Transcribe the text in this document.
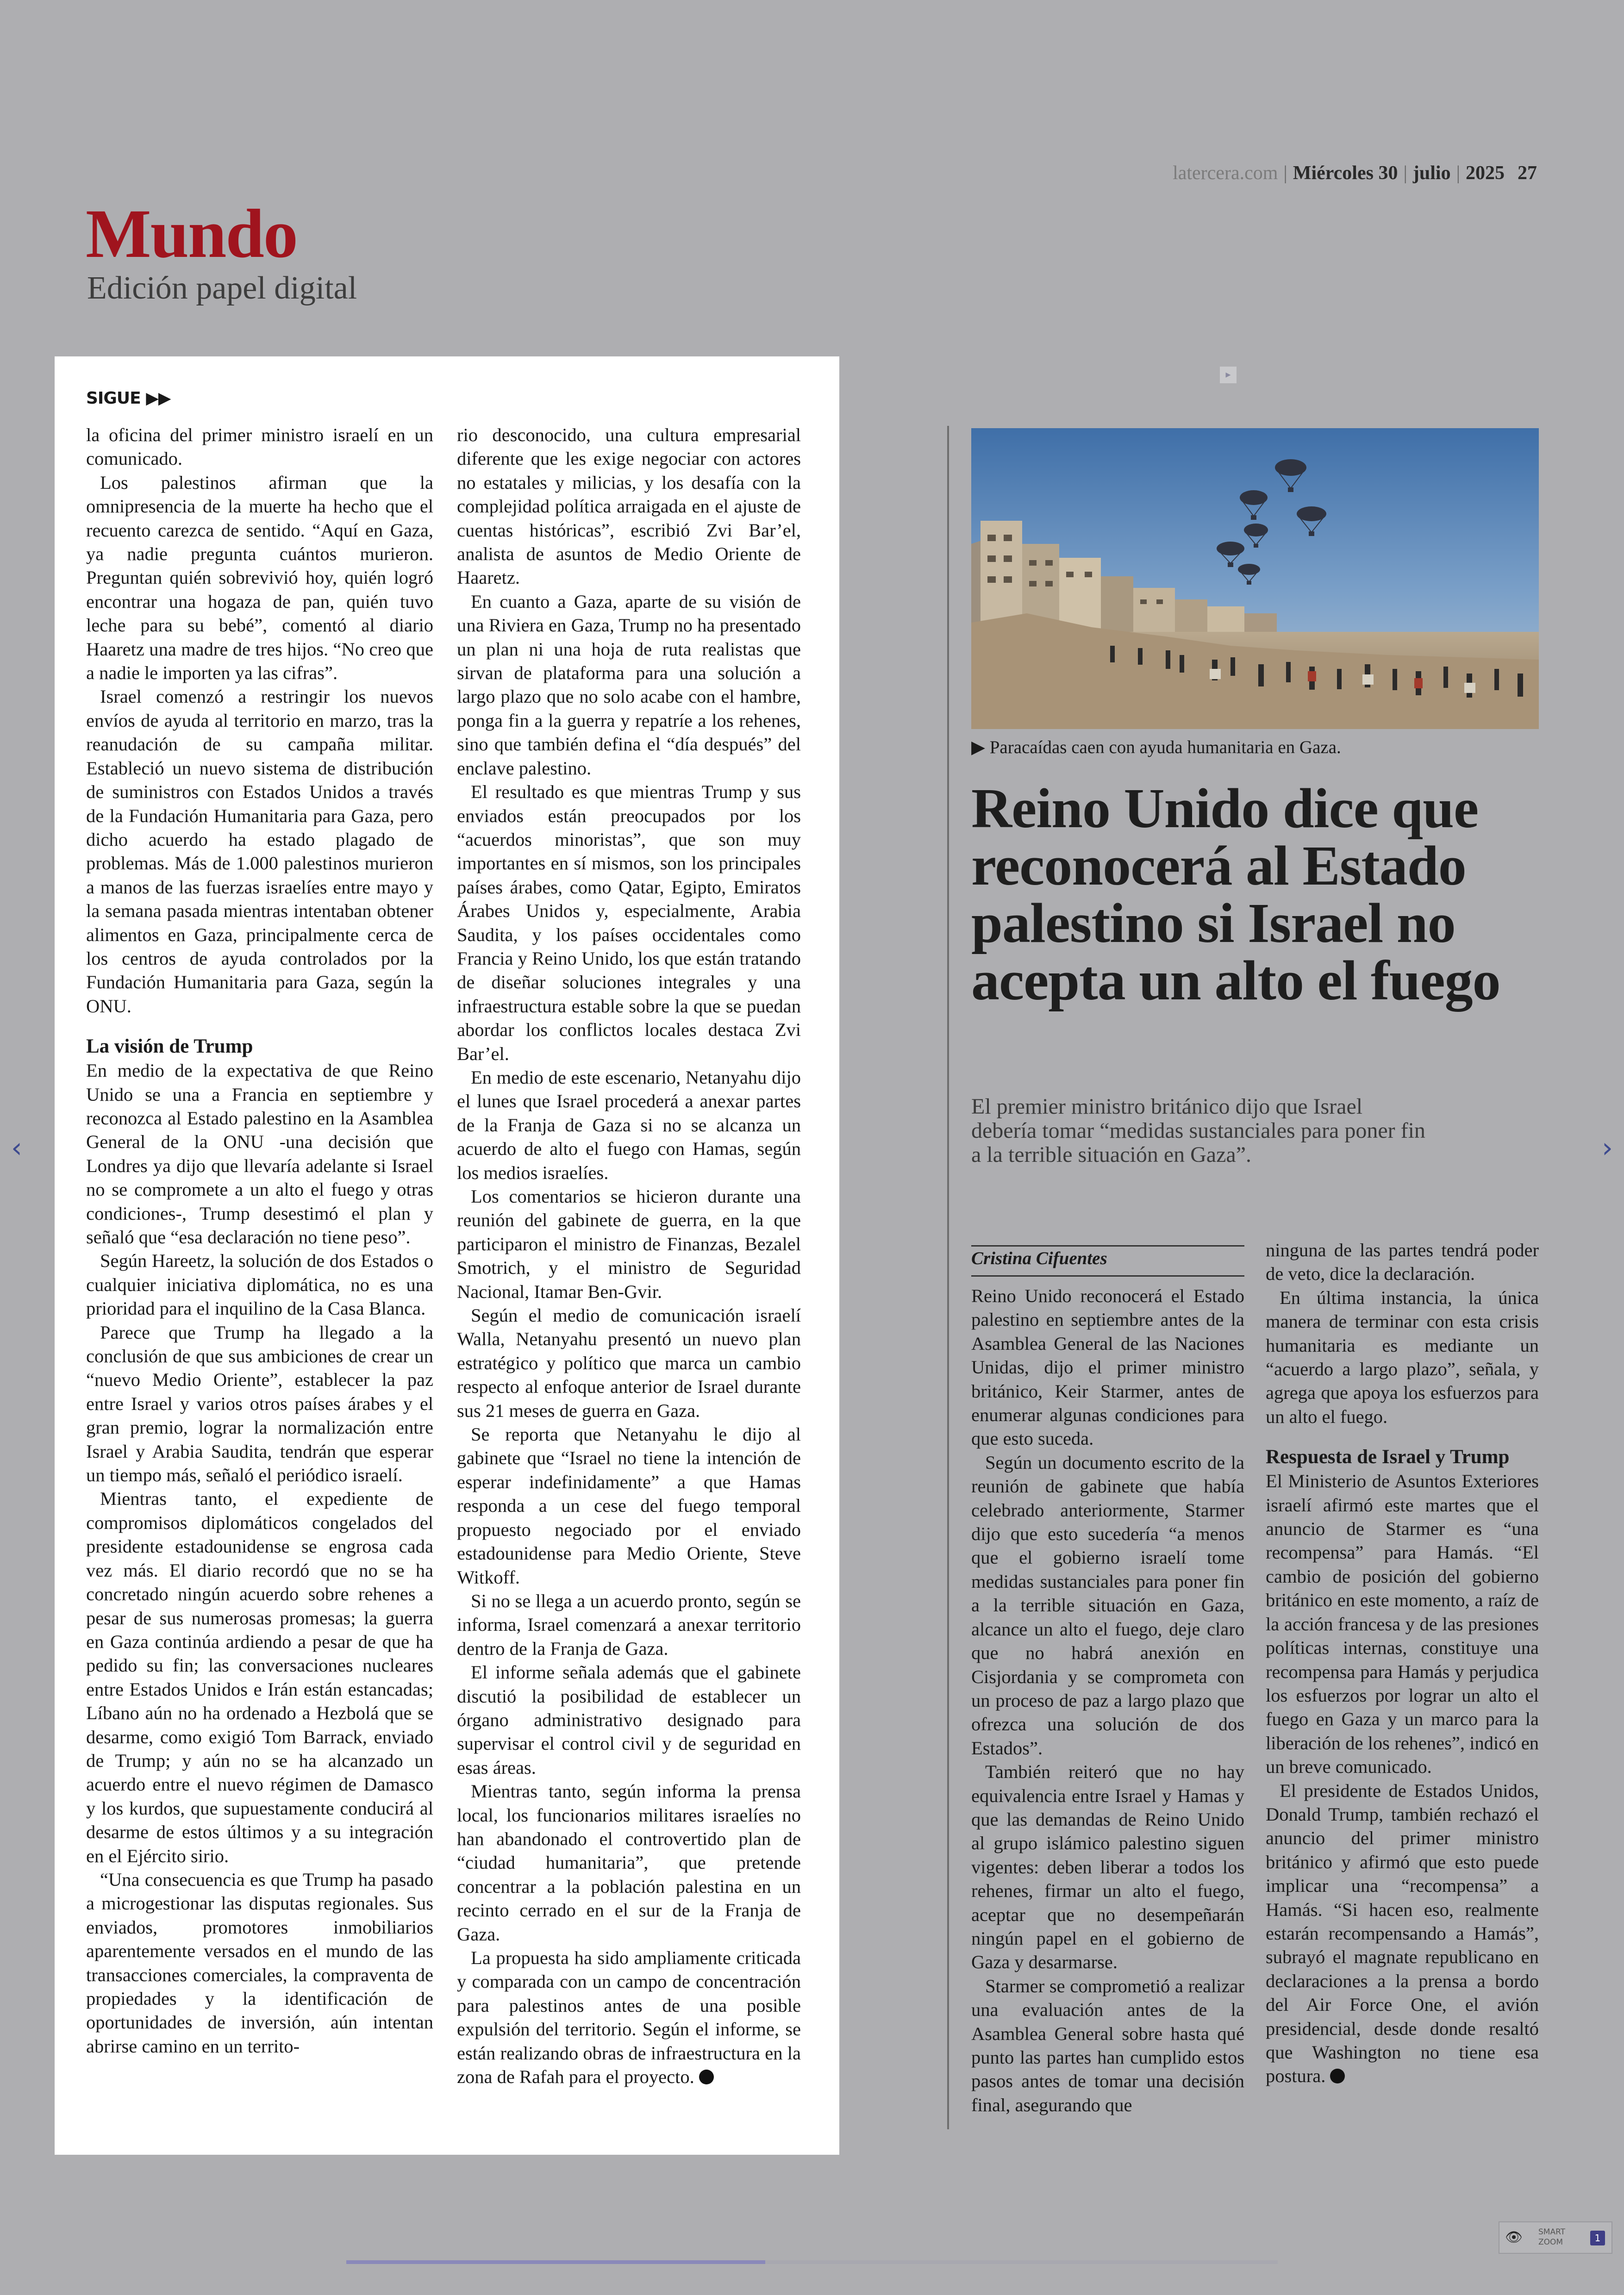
latercera.com | Miércoles 30 | julio | 2025 27
Mundo
Edición papel digital
SIGUE ▶▶

la oficina del primer ministro israelí en un comunicado.

Los palestinos afirman que la omnipresencia de la muerte ha hecho que el recuento carezca de sentido. “Aquí en Gaza, ya nadie pregunta cuántos murieron. Preguntan quién sobrevivió hoy, quién logró encontrar una hogaza de pan, quién tuvo leche para su bebé”, comentó al diario Haaretz una madre de tres hijos. “No creo que a nadie le importen ya las cifras”.

Israel comenzó a restringir los nuevos envíos de ayuda al territorio en marzo, tras la reanudación de su campaña militar. Estableció un nuevo sistema de distribución de suministros con Estados Unidos a través de la Fundación Humanitaria para Gaza, pero dicho acuerdo ha estado plagado de problemas. Más de 1.000 palestinos murieron a manos de las fuerzas israelíes entre mayo y la semana pasada mientras intentaban obtener alimentos en Gaza, principalmente cerca de los centros de ayuda controlados por la Fundación Humanitaria para Gaza, según la ONU.

La visión de Trump

En medio de la expectativa de que Reino Unido se una a Francia en septiembre y reconozca al Estado palestino en la Asamblea General de la ONU -una decisión que Londres ya dijo que llevaría adelante si Israel no se compromete a un alto el fuego y otras condiciones-, Trump desestimó el plan y señaló que “esa declaración no tiene peso”.

Según Hareetz, la solución de dos Estados o cualquier iniciativa diplomática, no es una prioridad para el inquilino de la Casa Blanca.

Parece que Trump ha llegado a la conclusión de que sus ambiciones de crear un “nuevo Medio Oriente”, establecer la paz entre Israel y varios otros países árabes y el gran premio, lograr la normalización entre Israel y Arabia Saudita, tendrán que esperar un tiempo más, señaló el periódico israelí.

Mientras tanto, el expediente de compromisos diplomáticos congelados del presidente estadounidense se engrosa cada vez más. El diario recordó que no se ha concretado ningún acuerdo sobre rehenes a pesar de sus numerosas promesas; la guerra en Gaza continúa ardiendo a pesar de que ha pedido su fin; las conversaciones nucleares entre Estados Unidos e Irán están estancadas; Líbano aún no ha ordenado a Hezbolá que se desarme, como exigió Tom Barrack, enviado de Trump; y aún no se ha alcanzado un acuerdo entre el nuevo régimen de Damasco y los kurdos, que supuestamente conducirá al desarme de estos últimos y a su integración en el Ejército sirio.

“Una consecuencia es que Trump ha pasado a microgestionar las disputas regionales. Sus enviados, promotores inmobiliarios aparentemente versados en el mundo de las transacciones comerciales, la compraventa de propiedades y la identificación de oportunidades de inversión, aún intentan abrirse camino en un territo-

rio desconocido, una cultura empresarial diferente que les exige negociar con actores no estatales y milicias, y los desafía con la complejidad política arraigada en el ajuste de cuentas históricas”, escribió Zvi Bar’el, analista de asuntos de Medio Oriente de Haaretz.

En cuanto a Gaza, aparte de su visión de una Riviera en Gaza, Trump no ha presentado un plan ni una hoja de ruta realistas que sirvan de plataforma para una solución a largo plazo que no solo acabe con el hambre, ponga fin a la guerra y repatríe a los rehenes, sino que también defina el “día después” del enclave palestino.

El resultado es que mientras Trump y sus enviados están preocupados por los “acuerdos minoristas”, que son muy importantes en sí mismos, son los principales países árabes, como Qatar, Egipto, Emiratos Árabes Unidos y, especialmente, Arabia Saudita, y los países occidentales como Francia y Reino Unido, los que están tratando de diseñar soluciones integrales y una infraestructura estable sobre la que se puedan abordar los conflictos locales destaca Zvi Bar’el.

En medio de este escenario, Netanyahu dijo el lunes que Israel procederá a anexar partes de la Franja de Gaza si no se alcanza un acuerdo de alto el fuego con Hamas, según los medios israelíes.

Los comentarios se hicieron durante una reunión del gabinete de guerra, en la que participaron el ministro de Finanzas, Bezalel Smotrich, y el ministro de Seguridad Nacional, Itamar Ben-Gvir.

Según el medio de comunicación israelí Walla, Netanyahu presentó un nuevo plan estratégico y político que marca un cambio respecto al enfoque anterior de Israel durante sus 21 meses de guerra en Gaza.

Se reporta que Netanyahu le dijo al gabinete que “Israel no tiene la intención de esperar indefinidamente” a que Hamas responda a un cese del fuego temporal propuesto negociado por el enviado estadounidense para Medio Oriente, Steve Witkoff.

Si no se llega a un acuerdo pronto, según se informa, Israel comenzará a anexar territorio dentro de la Franja de Gaza.

El informe señala además que el gabinete discutió la posibilidad de establecer un órgano administrativo designado para supervisar el control civil y de seguridad en esas áreas.

Mientras tanto, según informa la prensa local, los funcionarios militares israelíes no han abandonado el controvertido plan de “ciudad humanitaria”, que pretende concentrar a la población palestina en un recinto cerrado en el sur de la Franja de Gaza.

La propuesta ha sido ampliamente criticada y comparada con un campo de concentración para palestinos antes de una posible expulsión del territorio. Según el informe, se están realizando obras de infraestructura en la zona de Rafah para el proyecto.

▸
▶ Paracaídas caen con ayuda humanitaria en Gaza.
Reino Unido dice que reconocerá al Estado palestino si Israel no acepta un alto el fuego

El premier ministro británico dijo que Israel debería tomar “medidas sustanciales para poner fin a la terrible situación en Gaza”.

Cristina Cifuentes

Reino Unido reconocerá el Estado palestino en septiembre antes de la Asamblea General de las Naciones Unidas, dijo el primer ministro británico, Keir Starmer, antes de enumerar algunas condiciones para que esto suceda.

Según un documento escrito de la reunión de gabinete que había celebrado anteriormente, Starmer dijo que esto sucedería “a menos que el gobierno israelí tome medidas sustanciales para poner fin a la terrible situación en Gaza, alcance un alto el fuego, deje claro que no habrá anexión en Cisjordania y se comprometa con un proceso de paz a largo plazo que ofrezca una solución de dos Estados”.

También reiteró que no hay equivalencia entre Israel y Hamas y que las demandas de Reino Unido al grupo islámico palestino siguen vigentes: deben liberar a todos los rehenes, firmar un alto el fuego, aceptar que no desempeñarán ningún papel en el gobierno de Gaza y desarmarse.

Starmer se comprometió a realizar una evaluación antes de la Asamblea General sobre hasta qué punto las partes han cumplido estos pasos antes de tomar una decisión final, asegurando que

ninguna de las partes tendrá poder de veto, dice la declaración.

En última instancia, la única manera de terminar con esta crisis humanitaria es mediante un “acuerdo a largo plazo”, señala, y agrega que apoya los esfuerzos para un alto el fuego.

Respuesta de Israel y Trump

El Ministerio de Asuntos Exteriores israelí afirmó este martes que el anuncio de Starmer es “una recompensa” para Hamás. “El cambio de posición del gobierno británico en este momento, a raíz de la acción francesa y de las presiones políticas internas, constituye una recompensa para Hamás y perjudica los esfuerzos por lograr un alto el fuego en Gaza y un marco para la liberación de los rehenes”, indicó en un breve comunicado.

El presidente de Estados Unidos, Donald Trump, también rechazó el anuncio del primer ministro británico y afirmó que esto puede implicar una “recompensa” a Hamás. “Si hacen eso, realmente estarán recompensando a Hamás”, subrayó el magnate republicano en declaraciones a la prensa a bordo del Air Force One, el avión presidencial, desde donde resaltó que Washington no tiene esa postura.

‹	›
👁 SMART ZOOM	1
